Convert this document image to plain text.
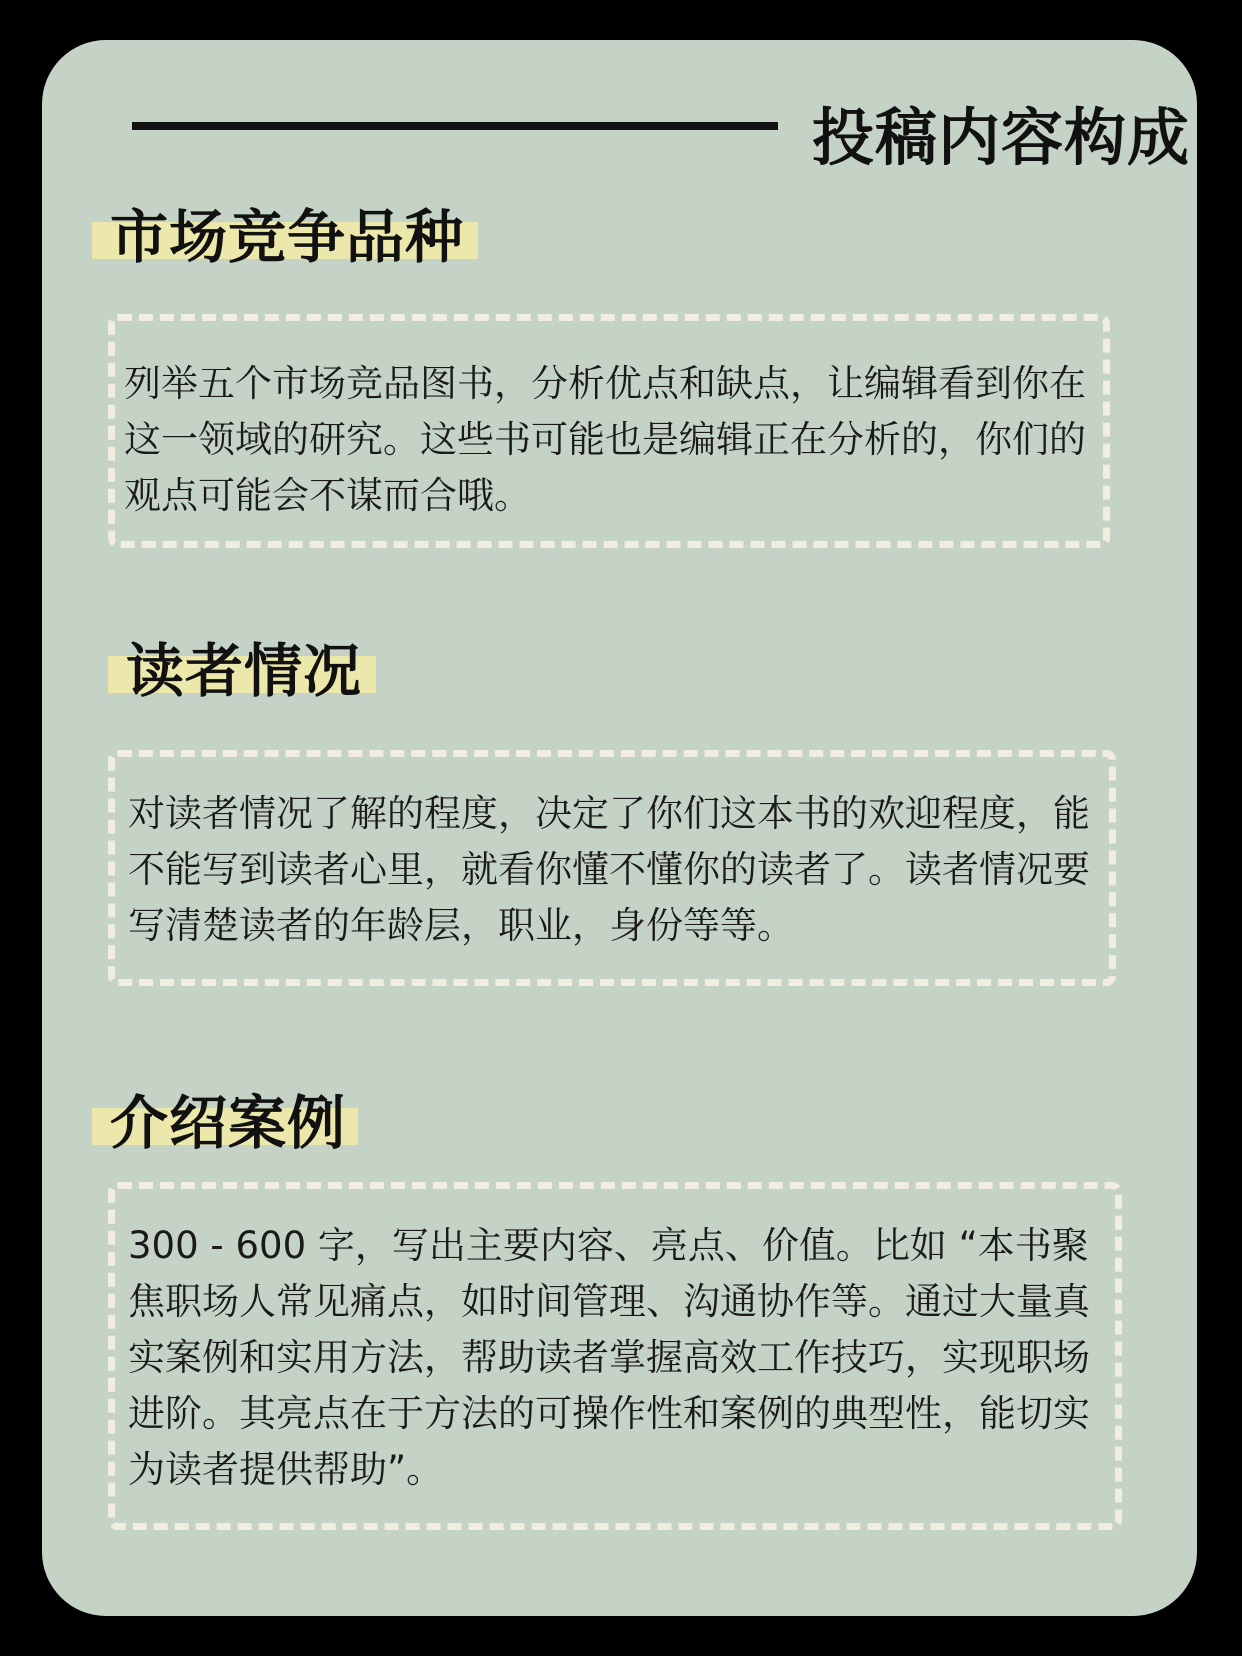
投稿内容构成
市场竞争品种

列举五个市场竞品图书，分析优点和缺点，让编辑看到你在这一领域的研究。这些书可能也是编辑正在分析的，你们的观点可能会不谋而合哦。

读者情况

对读者情况了解的程度，决定了你们这本书的欢迎程度，能不能写到读者心里，就看你懂不懂你的读者了。读者情况要写清楚读者的年龄层，职业，身份等等。

介绍案例

300 - 600 字，写出主要内容、亮点、价值。比如 “本书聚焦职场人常见痛点，如时间管理、沟通协作等。通过大量真实案例和实用方法，帮助读者掌握高效工作技巧，实现职场进阶。其亮点在于方法的可操作性和案例的典型性，能切实为读者提供帮助”。
